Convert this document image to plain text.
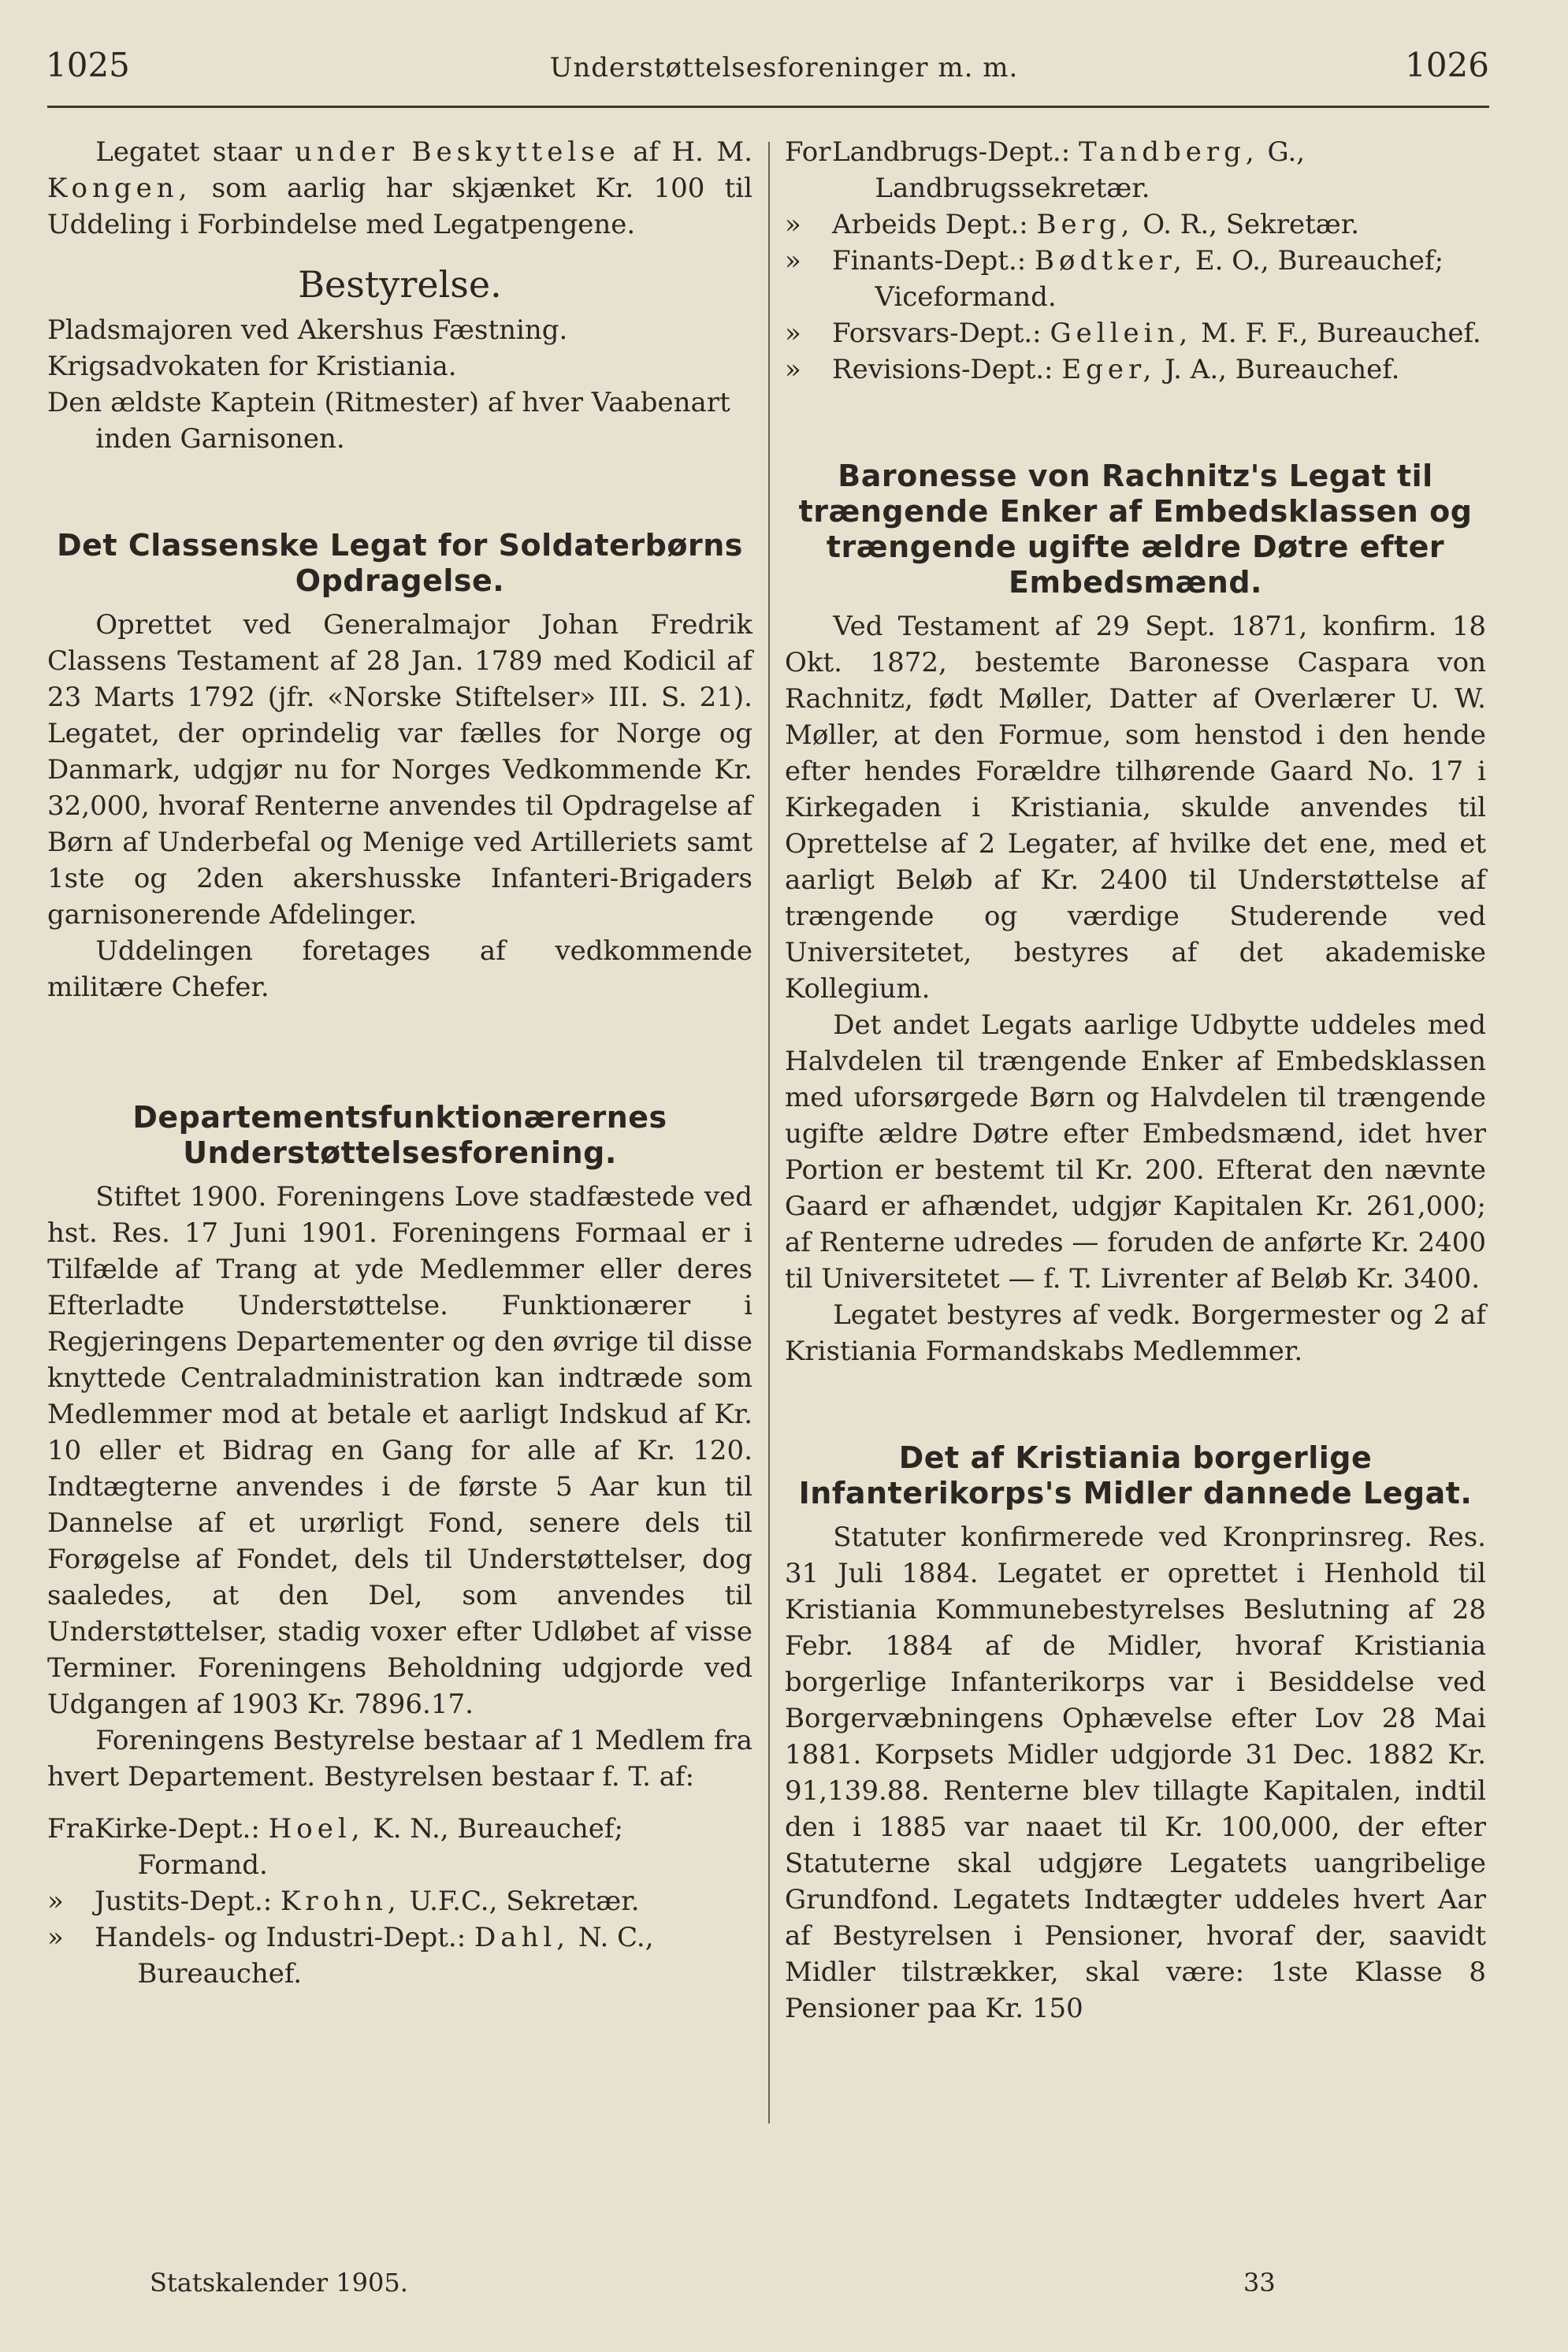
1025	Understøttelsesforeninger m. m.	1026

Legatet staar under Beskyttelse af H. M. Kongen, som aarlig har skjænket Kr. 100 til Uddeling i Forbindelse med Legatpengene.

Bestyrelse.

Pladsmajoren ved Akershus Fæstning.

Krigsadvokaten for Kristiania.

Den ældste Kaptein (Ritmester) af hver Vaabenart inden Garnisonen.

Det Classenske Legat for Soldaterbørns Opdragelse.

Oprettet ved Generalmajor Johan Fredrik Classens Testament af 28 Jan. 1789 med Kodicil af 23 Marts 1792 (jfr. «Norske Stiftelser» III. S. 21). Legatet, der oprindelig var fælles for Norge og Danmark, udgjør nu for Norges Vedkommende Kr. 32,000, hvoraf Renterne anvendes til Opdragelse af Børn af Underbefal og Menige ved Artilleriets samt 1ste og 2den akershusske Infanteri-Brigaders garnisonerende Afdelinger.

Uddelingen foretages af vedkommende militære Chefer.

Departementsfunktionærernes Understøttelsesforening.

Stiftet 1900. Foreningens Love stadfæstede ved hst. Res. 17 Juni 1901. Foreningens Formaal er i Tilfælde af Trang at yde Medlemmer eller deres Efterladte Understøttelse. Funktionærer i Regjeringens Departementer og den øvrige til disse knyttede Centraladministration kan indtræde som Medlemmer mod at betale et aarligt Indskud af Kr. 10 eller et Bidrag en Gang for alle af Kr. 120. Indtægterne anvendes i de første 5 Aar kun til Dannelse af et urørligt Fond, senere dels til Forøgelse af Fondet, dels til Understøttelser, dog saaledes, at den Del, som anvendes til Understøttelser, stadig voxer efter Udløbet af visse Terminer. Foreningens Beholdning udgjorde ved Udgangen af 1903 Kr. 7896.17.

Foreningens Bestyrelse bestaar af 1 Medlem fra hvert Departement. Bestyrelsen bestaar f. T. af:

Fra Kirke-Dept.: Hoel, K. N., Bureauchef; Formand.
»	Justits-Dept.: Krohn, U.F.C., Sekretær.
»	Handels- og Industri-Dept.: Dahl, N. C., Bureauchef.
For Landbrugs-Dept.: Tandberg, G., Landbrugssekretær.
»	Arbeids Dept.: Berg, O. R., Sekretær.
»	Finants-Dept.: Bødtker, E. O., Bureauchef; Viceformand.
»	Forsvars-Dept.: Gellein, M. F. F., Bureauchef.
»	Revisions-Dept.: Eger, J. A., Bureauchef.
Baronesse von Rachnitz's Legat til trængende Enker af Embedsklassen og trængende ugifte ældre Døtre efter Embedsmænd.

Ved Testament af 29 Sept. 1871, konfirm. 18 Okt. 1872, bestemte Baronesse Caspara von Rachnitz, født Møller, Datter af Overlærer U. W. Møller, at den Formue, som henstod i den hende efter hendes Forældre tilhørende Gaard No. 17 i Kirkegaden i Kristiania, skulde anvendes til Oprettelse af 2 Legater, af hvilke det ene, med et aarligt Beløb af Kr. 2400 til Understøttelse af trængende og værdige Studerende ved Universitetet, bestyres af det akademiske Kollegium.

Det andet Legats aarlige Udbytte uddeles med Halvdelen til trængende Enker af Embedsklassen med uforsørgede Børn og Halvdelen til trængende ugifte ældre Døtre efter Embedsmænd, idet hver Portion er bestemt til Kr. 200. Efterat den nævnte Gaard er afhændet, udgjør Kapitalen Kr. 261,000; af Renterne udredes — foruden de anførte Kr. 2400 til Universitetet — f. T. Livrenter af Beløb Kr. 3400.

Legatet bestyres af vedk. Borgermester og 2 af Kristiania Formandskabs Medlemmer.

Det af Kristiania borgerlige Infanterikorps's Midler dannede Legat.

Statuter konfirmerede ved Kronprinsreg. Res. 31 Juli 1884. Legatet er oprettet i Henhold til Kristiania Kommunebestyrelses Beslutning af 28 Febr. 1884 af de Midler, hvoraf Kristiania borgerlige Infanterikorps var i Besiddelse ved Borgervæbningens Ophævelse efter Lov 28 Mai 1881. Korpsets Midler udgjorde 31 Dec. 1882 Kr. 91,139.88. Renterne blev tillagte Kapitalen, indtil den i 1885 var naaet til Kr. 100,000, der efter Statuterne skal udgjøre Legatets uangribelige Grundfond. Legatets Indtægter uddeles hvert Aar af Bestyrelsen i Pensioner, hvoraf der, saavidt Midler tilstrækker, skal være: 1ste Klasse 8 Pensioner paa Kr. 150

Statskalender 1905.	33
